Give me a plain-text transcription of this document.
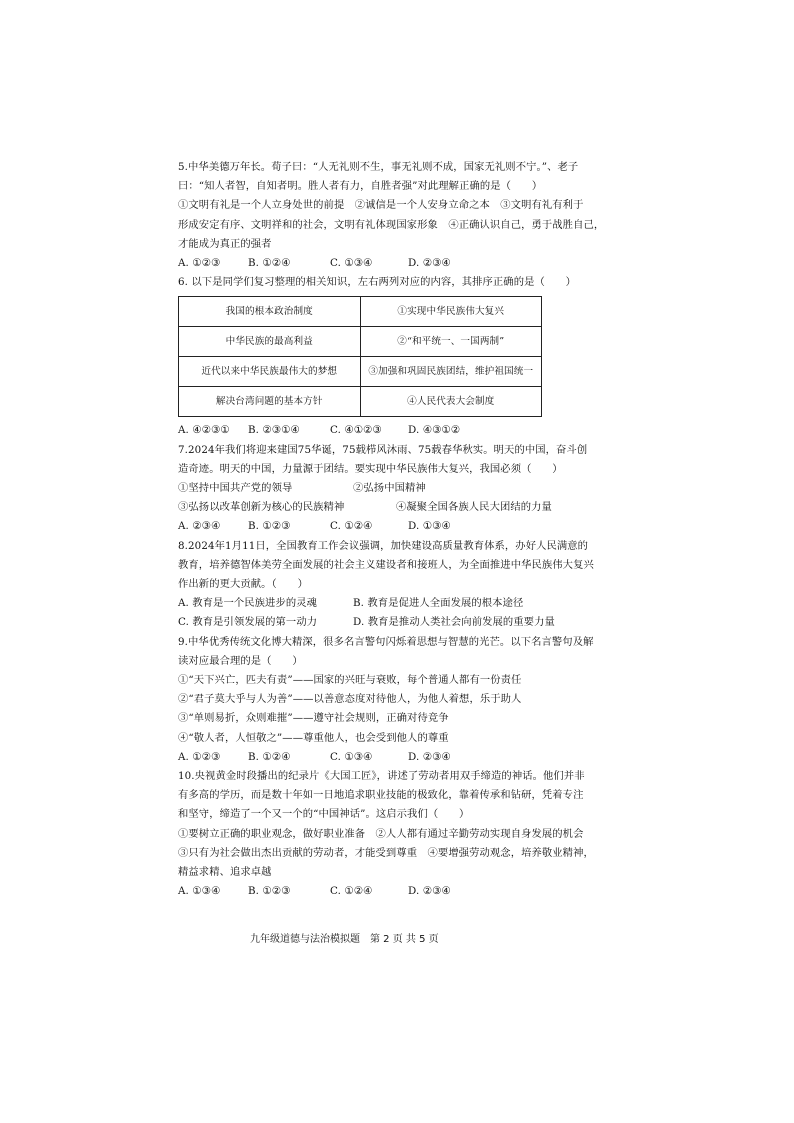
5.中华美德万年长。荀子曰：“人无礼则不生，事无礼则不成，国家无礼则不宁。”、老子
曰：“知人者智，自知者明。胜人者有力，自胜者强”对此理解正确的是（　　）
①文明有礼是一个人立身处世的前提　②诚信是一个人安身立命之本　③文明有礼有利于
形成安定有序、文明祥和的社会，文明有礼体现国家形象　④正确认识自己，勇于战胜自己，
才能成为真正的强者
A. ①②③	B. ①②④	C. ①③④	D. ②③④
6. 以下是同学们复习整理的相关知识，左右两列对应的内容，其排序正确的是（　　）
我国的根本政治制度	①实现中华民族伟大复兴
中华民族的最高利益	②“和平统一、一国两制”
近代以来中华民族最伟大的梦想	③加强和巩固民族团结，维护祖国统一
解决台湾问题的基本方针	④人民代表大会制度
A. ④②③①	B. ②③①④	C. ④①②③	D. ④③①②
7.2024年我们将迎来建国75华诞，75载栉风沐雨、75载春华秋实。明天的中国，奋斗创
造奇迹。明天的中国，力量源于团结。要实现中华民族伟大复兴，我国必须（　　）
①坚持中国共产党的领导	②弘扬中国精神
③弘扬以改革创新为核心的民族精神	④凝聚全国各族人民大团结的力量
A. ②③④	B. ①②③	C. ①②④	D. ①③④
8.2024年1月11日，全国教育工作会议强调，加快建设高质量教育体系，办好人民满意的
教育，培养德智体美劳全面发展的社会主义建设者和接班人，为全面推进中华民族伟大复兴
作出新的更大贡献。（　　）
A. 教育是一个民族进步的灵魂	B. 教育是促进人全面发展的根本途径
C. 教育是引领发展的第一动力	D. 教育是推动人类社会向前发展的重要力量
9.中华优秀传统文化博大精深，很多名言警句闪烁着思想与智慧的光芒。以下名言警句及解
读对应最合理的是（　　）
①“天下兴亡，匹夫有责”——国家的兴旺与衰败，每个普通人都有一份责任
②“君子莫大乎与人为善”——以善意态度对待他人，为他人着想，乐于助人
③“单则易折，众则难摧”——遵守社会规则，正确对待竞争
④“敬人者，人恒敬之”——尊重他人，也会受到他人的尊重
A. ①②③	B. ①②④	C. ①③④	D. ②③④
10.央视黄金时段播出的纪录片《大国工匠》，讲述了劳动者用双手缔造的神话。他们并非
有多高的学历，而是数十年如一日地追求职业技能的极致化，靠着传承和钻研，凭着专注
和坚守，缔造了一个又一个的“中国神话”。这启示我们（　　）
①要树立正确的职业观念，做好职业准备　②人人都有通过辛勤劳动实现自身发展的机会
③只有为社会做出杰出贡献的劳动者，才能受到尊重　④要增强劳动观念，培养敬业精神，
精益求精、追求卓越
A. ①③④	B. ①②③	C. ①②④	D. ②③④
九年级道德与法治模拟题　第 2 页 共 5 页
